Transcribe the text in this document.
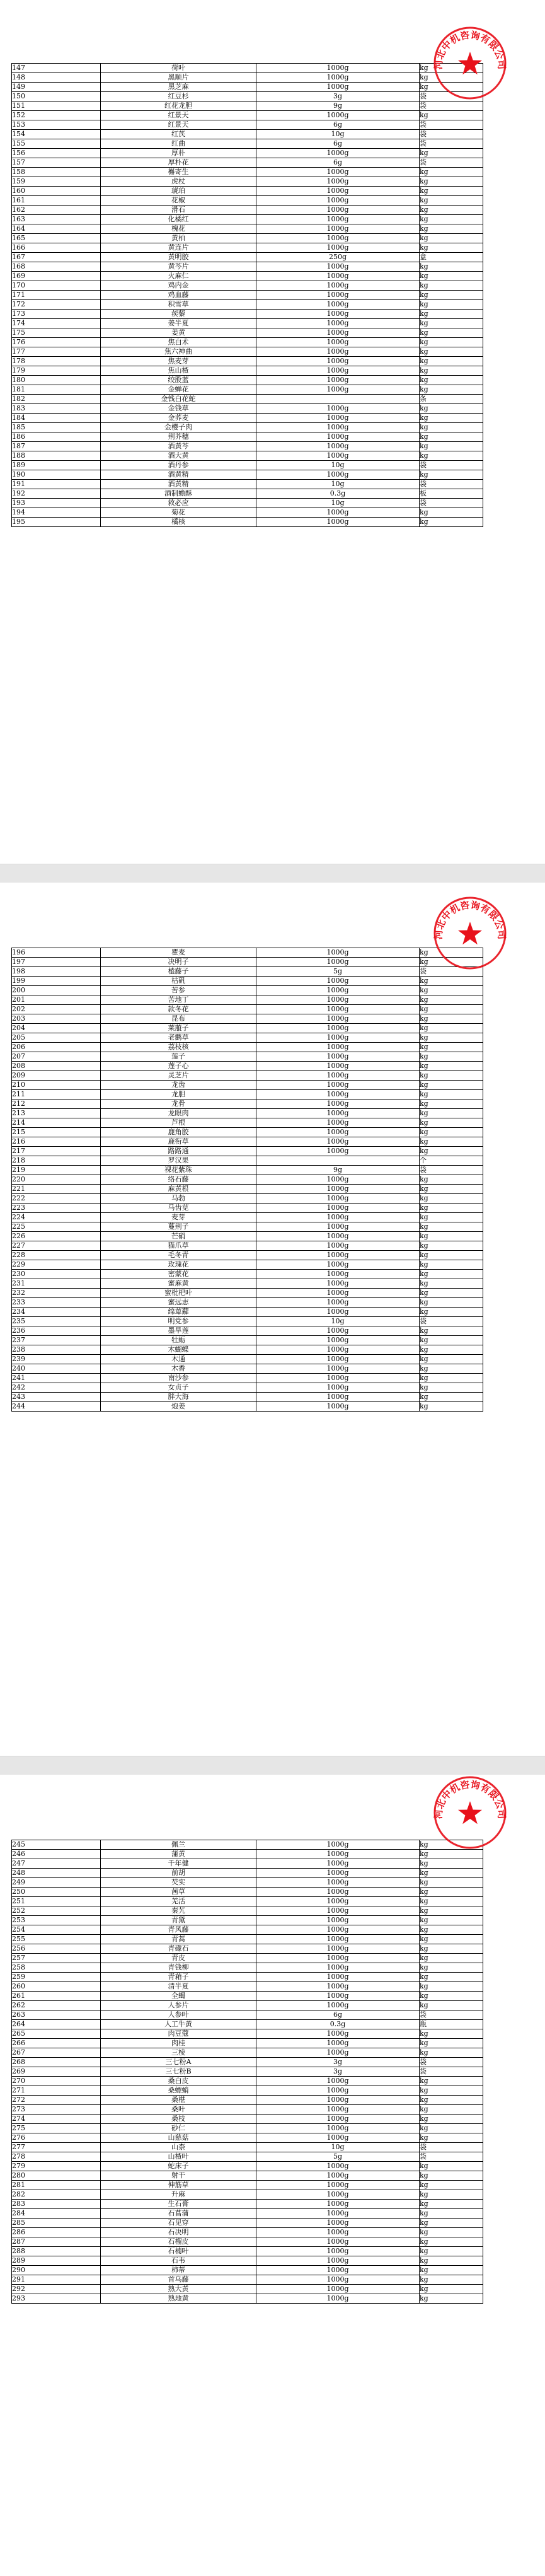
147	荷叶	1000g	kg
148	黑顺片	1000g	kg
149	黑芝麻	1000g	kg
150	红豆杉	3g	袋
151	红花龙胆	9g	袋
152	红景天	1000g	kg
153	红景天	6g	袋
154	红芪	10g	袋
155	红曲	6g	袋
156	厚朴	1000g	kg
157	厚朴花	6g	袋
158	槲寄生	1000g	kg
159	虎杖	1000g	kg
160	琥珀	1000g	kg
161	花椒	1000g	kg
162	滑石	1000g	kg
163	化橘红	1000g	kg
164	槐花	1000g	kg
165	黄柏	1000g	kg
166	黄连片	1000g	kg
167	黄明胶	250g	盒
168	黄芩片	1000g	kg
169	火麻仁	1000g	kg
170	鸡内金	1000g	kg
171	鸡血藤	1000g	kg
172	积雪草	1000g	kg
173	蒺藜	1000g	kg
174	姜半夏	1000g	kg
175	姜黄	1000g	kg
176	焦白术	1000g	kg
177	焦六神曲	1000g	kg
178	焦麦芽	1000g	kg
179	焦山楂	1000g	kg
180	绞股蓝	1000g	kg
181	金蝉花	1000g	kg
182	金钱白花蛇		条
183	金钱草	1000g	kg
184	金荞麦	1000g	kg
185	金樱子肉	1000g	kg
186	荆芥穗	1000g	kg
187	酒黄芩	1000g	kg
188	酒大黄	1000g	kg
189	酒丹参	10g	袋
190	酒黄精	1000g	kg
191	酒黄精	10g	袋
192	酒制蟾酥	0.3g	板
193	救必应	10g	袋
194	菊花	1000g	kg
195	橘核	1000g	kg
河北中机咨询有限公司
196	瞿麦	1000g	kg
197	决明子	1000g	kg
198	榼藤子	5g	袋
199	枯矾	1000g	kg
200	苦参	1000g	kg
201	苦地丁	1000g	kg
202	款冬花	1000g	kg
203	昆布	1000g	kg
204	莱菔子	1000g	kg
205	老鹳草	1000g	kg
206	荔枝核	1000g	kg
207	莲子	1000g	kg
208	莲子心	1000g	kg
209	灵芝片	1000g	kg
210	龙齿	1000g	kg
211	龙胆	1000g	kg
212	龙骨	1000g	kg
213	龙眼肉	1000g	kg
214	芦根	1000g	kg
215	鹿角胶	1000g	kg
216	鹿衔草	1000g	kg
217	路路通	1000g	kg
218	罗汉果		个
219	裸花紫珠	9g	袋
220	络石藤	1000g	kg
221	麻黄根	1000g	kg
222	马勃	1000g	kg
223	马齿苋	1000g	kg
224	麦芽	1000g	kg
225	蔓荆子	1000g	kg
226	芒硝	1000g	kg
227	猫爪草	1000g	kg
228	毛冬青	1000g	kg
229	玫瑰花	1000g	kg
230	密蒙花	1000g	kg
231	蜜麻黄	1000g	kg
232	蜜枇杷叶	1000g	kg
233	蜜远志	1000g	kg
234	绵萆薢	1000g	kg
235	明党参	10g	袋
236	墨旱莲	1000g	kg
237	牡蛎	1000g	kg
238	木蝴蝶	1000g	kg
239	木通	1000g	kg
240	木香	1000g	kg
241	南沙参	1000g	kg
242	女贞子	1000g	kg
243	胖大海	1000g	kg
244	炮姜	1000g	kg
河北中机咨询有限公司
245	佩兰	1000g	kg
246	蒲黄	1000g	kg
247	千年健	1000g	kg
248	前胡	1000g	kg
249	芡实	1000g	kg
250	茜草	1000g	kg
251	羌活	1000g	kg
252	秦艽	1000g	kg
253	青黛	1000g	kg
254	青风藤	1000g	kg
255	青蒿	1000g	kg
256	青礞石	1000g	kg
257	青皮	1000g	kg
258	青钱柳	1000g	kg
259	青葙子	1000g	kg
260	清半夏	1000g	kg
261	全蝎	1000g	kg
262	人参片	1000g	kg
263	人参叶	6g	袋
264	人工牛黄	0.3g	瓶
265	肉豆蔻	1000g	kg
266	肉桂	1000g	kg
267	三棱	1000g	kg
268	三七粉A	3g	袋
269	三七粉B	3g	袋
270	桑白皮	1000g	kg
271	桑螵蛸	1000g	kg
272	桑椹	1000g	kg
273	桑叶	1000g	kg
274	桑枝	1000g	kg
275	砂仁	1000g	kg
276	山慈菇	1000g	kg
277	山柰	10g	袋
278	山楂叶	5g	袋
279	蛇床子	1000g	kg
280	射干	1000g	kg
281	伸筋草	1000g	kg
282	升麻	1000g	kg
283	生石膏	1000g	kg
284	石菖蒲	1000g	kg
285	石见穿	1000g	kg
286	石决明	1000g	kg
287	石榴皮	1000g	kg
288	石楠叶	1000g	kg
289	石韦	1000g	kg
290	柿蒂	1000g	kg
291	首乌藤	1000g	kg
292	熟大黄	1000g	kg
293	熟地黄	1000g	kg
河北中机咨询有限公司
